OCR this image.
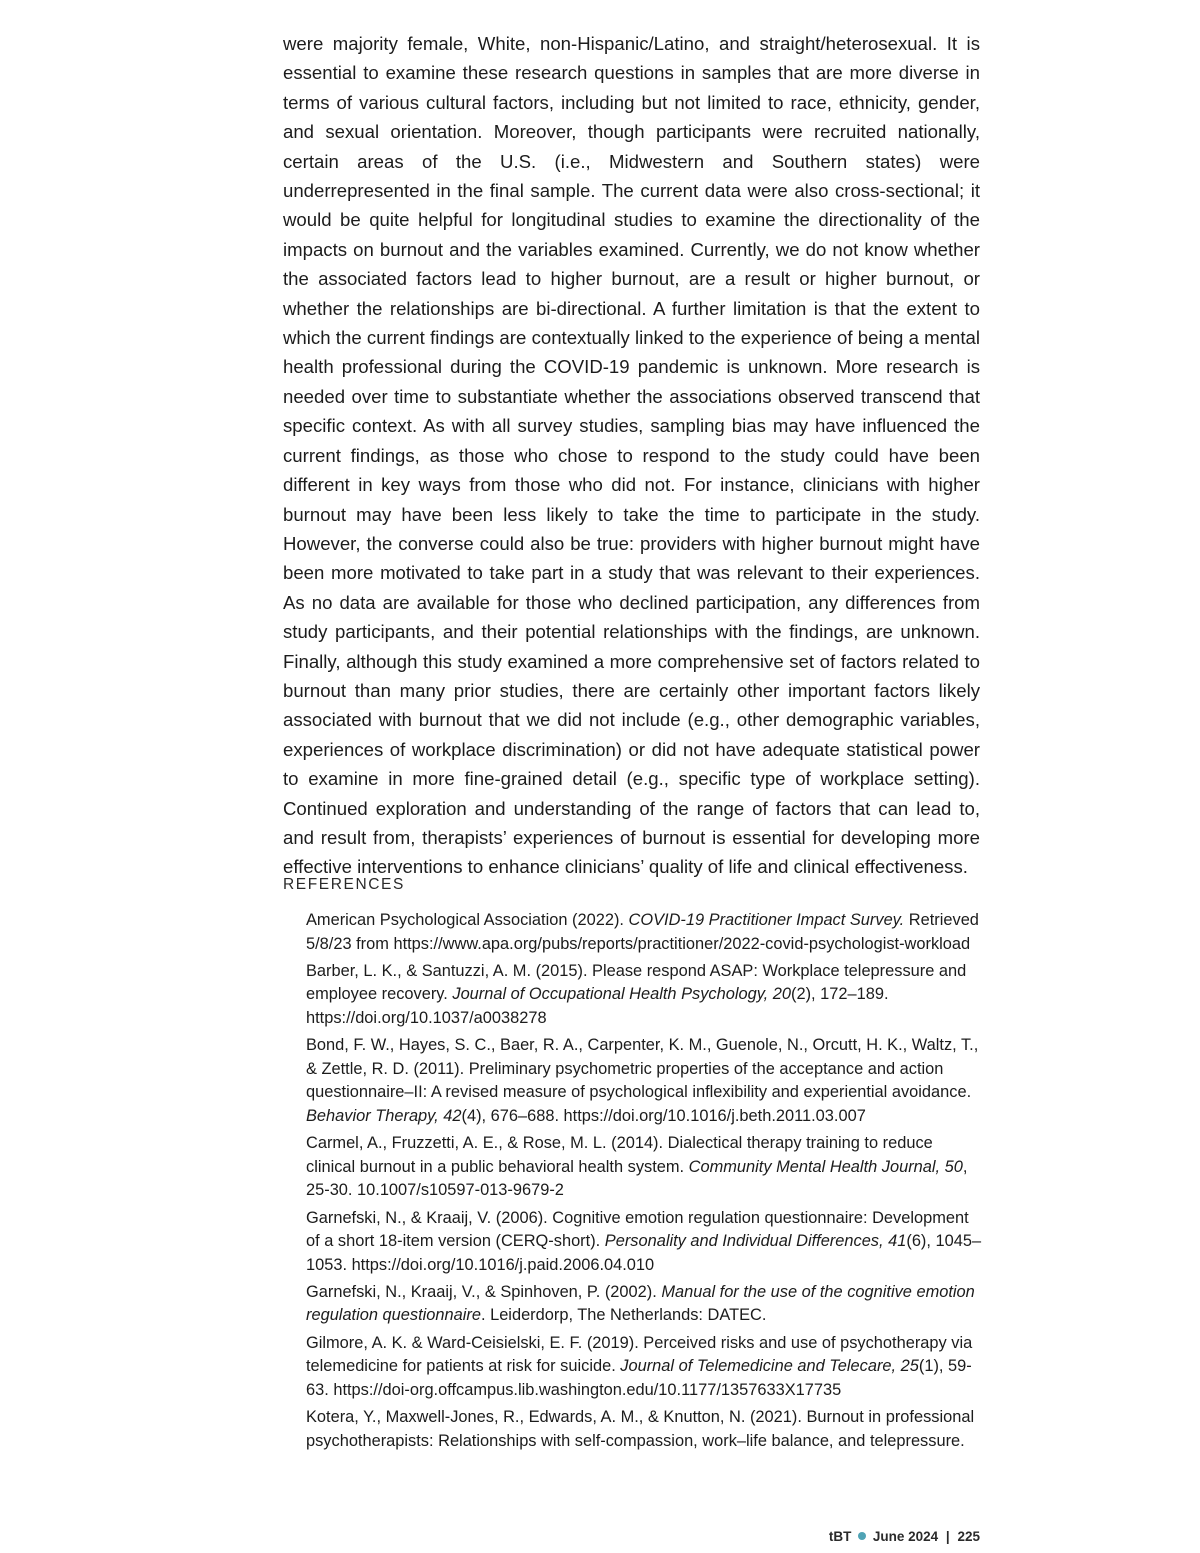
were majority female, White, non-Hispanic/Latino, and straight/heterosexual. It is essential to examine these research questions in samples that are more diverse in terms of various cultural factors, including but not limited to race, ethnicity, gender, and sexual orientation. Moreover, though participants were recruited nationally, certain areas of the U.S. (i.e., Midwestern and Southern states) were underrepresented in the final sample. The current data were also cross-sectional; it would be quite helpful for longitudinal studies to examine the directionality of the impacts on burnout and the variables examined. Currently, we do not know whether the associated factors lead to higher burnout, are a result or higher burnout, or whether the relationships are bi-directional. A further limitation is that the extent to which the current findings are contextually linked to the experience of being a mental health professional during the COVID-19 pandemic is unknown. More research is needed over time to substantiate whether the associations observed transcend that specific context. As with all survey studies, sampling bias may have influenced the current findings, as those who chose to respond to the study could have been different in key ways from those who did not. For instance, clinicians with higher burnout may have been less likely to take the time to participate in the study. However, the converse could also be true: providers with higher burnout might have been more motivated to take part in a study that was relevant to their experiences. As no data are available for those who declined participation, any differences from study participants, and their potential relationships with the findings, are unknown. Finally, although this study examined a more comprehensive set of factors related to burnout than many prior studies, there are certainly other important factors likely associated with burnout that we did not include (e.g., other demographic variables, experiences of workplace discrimination) or did not have adequate statistical power to examine in more fine-grained detail (e.g., specific type of workplace setting). Continued exploration and understanding of the range of factors that can lead to, and result from, therapists’ experiences of burnout is essential for developing more effective interventions to enhance clinicians’ quality of life and clinical effectiveness.

REFERENCES
American Psychological Association (2022). COVID-19 Practitioner Impact Survey. Retrieved 5/8/23 from https://www.apa.org/pubs/reports/practitioner/2022-covid-psychologist-workload
Barber, L. K., & Santuzzi, A. M. (2015). Please respond ASAP: Workplace telepressure and employee recovery. Journal of Occupational Health Psychology, 20(2), 172–189. https://doi.org/10.1037/a0038278
Bond, F. W., Hayes, S. C., Baer, R. A., Carpenter, K. M., Guenole, N., Orcutt, H. K., Waltz, T., & Zettle, R. D. (2011). Preliminary psychometric properties of the acceptance and action questionnaire–II: A revised measure of psychological inflexibility and experiential avoidance. Behavior Therapy, 42(4), 676–688. https://doi.org/10.1016/j.beth.2011.03.007
Carmel, A., Fruzzetti, A. E., & Rose, M. L. (2014). Dialectical therapy training to reduce clinical burnout in a public behavioral health system. Community Mental Health Journal, 50, 25-30. 10.1007/s10597-013-9679-2
Garnefski, N., & Kraaij, V. (2006). Cognitive emotion regulation questionnaire: Development of a short 18-item version (CERQ-short). Personality and Individual Differences, 41(6), 1045–1053. https://doi.org/10.1016/j.paid.2006.04.010
Garnefski, N., Kraaij, V., & Spinhoven, P. (2002). Manual for the use of the cognitive emotion regulation questionnaire. Leiderdorp, The Netherlands: DATEC.
Gilmore, A. K. & Ward-Ceisielski, E. F. (2019). Perceived risks and use of psychotherapy via telemedicine for patients at risk for suicide. Journal of Telemedicine and Telecare, 25(1), 59-63. https://doi-org.offcampus.lib.washington.edu/10.1177/1357633X17735
Kotera, Y., Maxwell-Jones, R., Edwards, A. M., & Knutton, N. (2021). Burnout in professional psychotherapists: Relationships with self-compassion, work–life balance, and telepressure.
tBT June 2024 | 225
